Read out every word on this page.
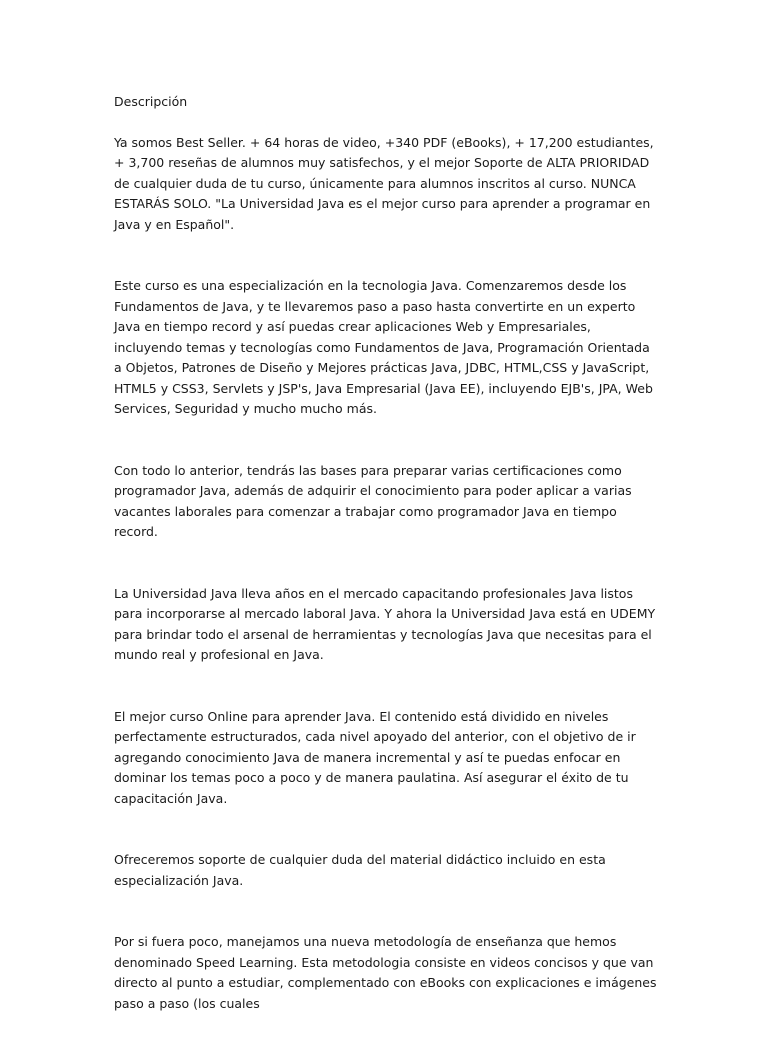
Descripción

Ya somos Best Seller. + 64 horas de video, +340 PDF (eBooks), + 17,200 estudiantes, + 3,700 reseñas de alumnos muy satisfechos, y el mejor Soporte de ALTA PRIORIDAD de cualquier duda de tu curso, únicamente para alumnos inscritos al curso. NUNCA ESTARÁS SOLO. "La Universidad Java es el mejor curso para aprender a programar en Java y en Español".

Este curso es una especialización en la tecnologia Java. Comenzaremos desde los Fundamentos de Java, y te llevaremos paso a paso hasta convertirte en un experto Java en tiempo record y así puedas crear aplicaciones Web y Empresariales, incluyendo temas y tecnologías como Fundamentos de Java, Programación Orientada a Objetos, Patrones de Diseño y Mejores prácticas Java, JDBC, HTML,CSS y JavaScript, HTML5 y CSS3, Servlets y JSP's, Java Empresarial (Java EE), incluyendo EJB's, JPA, Web Services, Seguridad y mucho mucho más.

Con todo lo anterior, tendrás las bases para preparar varias certificaciones como programador Java, además de adquirir el conocimiento para poder aplicar a varias vacantes laborales para comenzar a trabajar como programador Java en tiempo record.

La Universidad Java lleva años en el mercado capacitando profesionales Java listos para incorporarse al mercado laboral Java. Y ahora la Universidad Java está en UDEMY para brindar todo el arsenal de herramientas y tecnologías Java que necesitas para el mundo real y profesional en Java.

El mejor curso Online para aprender Java. El contenido está dividido en niveles perfectamente estructurados, cada nivel apoyado del anterior, con el objetivo de ir agregando conocimiento Java de manera incremental y así te puedas enfocar en dominar los temas poco a poco y de manera paulatina. Así asegurar el éxito de tu capacitación Java.

Ofreceremos soporte de cualquier duda del material didáctico incluido en esta especialización Java.

Por si fuera poco, manejamos una nueva metodología de enseñanza que hemos denominado Speed Learning. Esta metodologia consiste en videos concisos y que van directo al punto a estudiar, complementado con eBooks con explicaciones e imágenes paso a paso (los cuales
